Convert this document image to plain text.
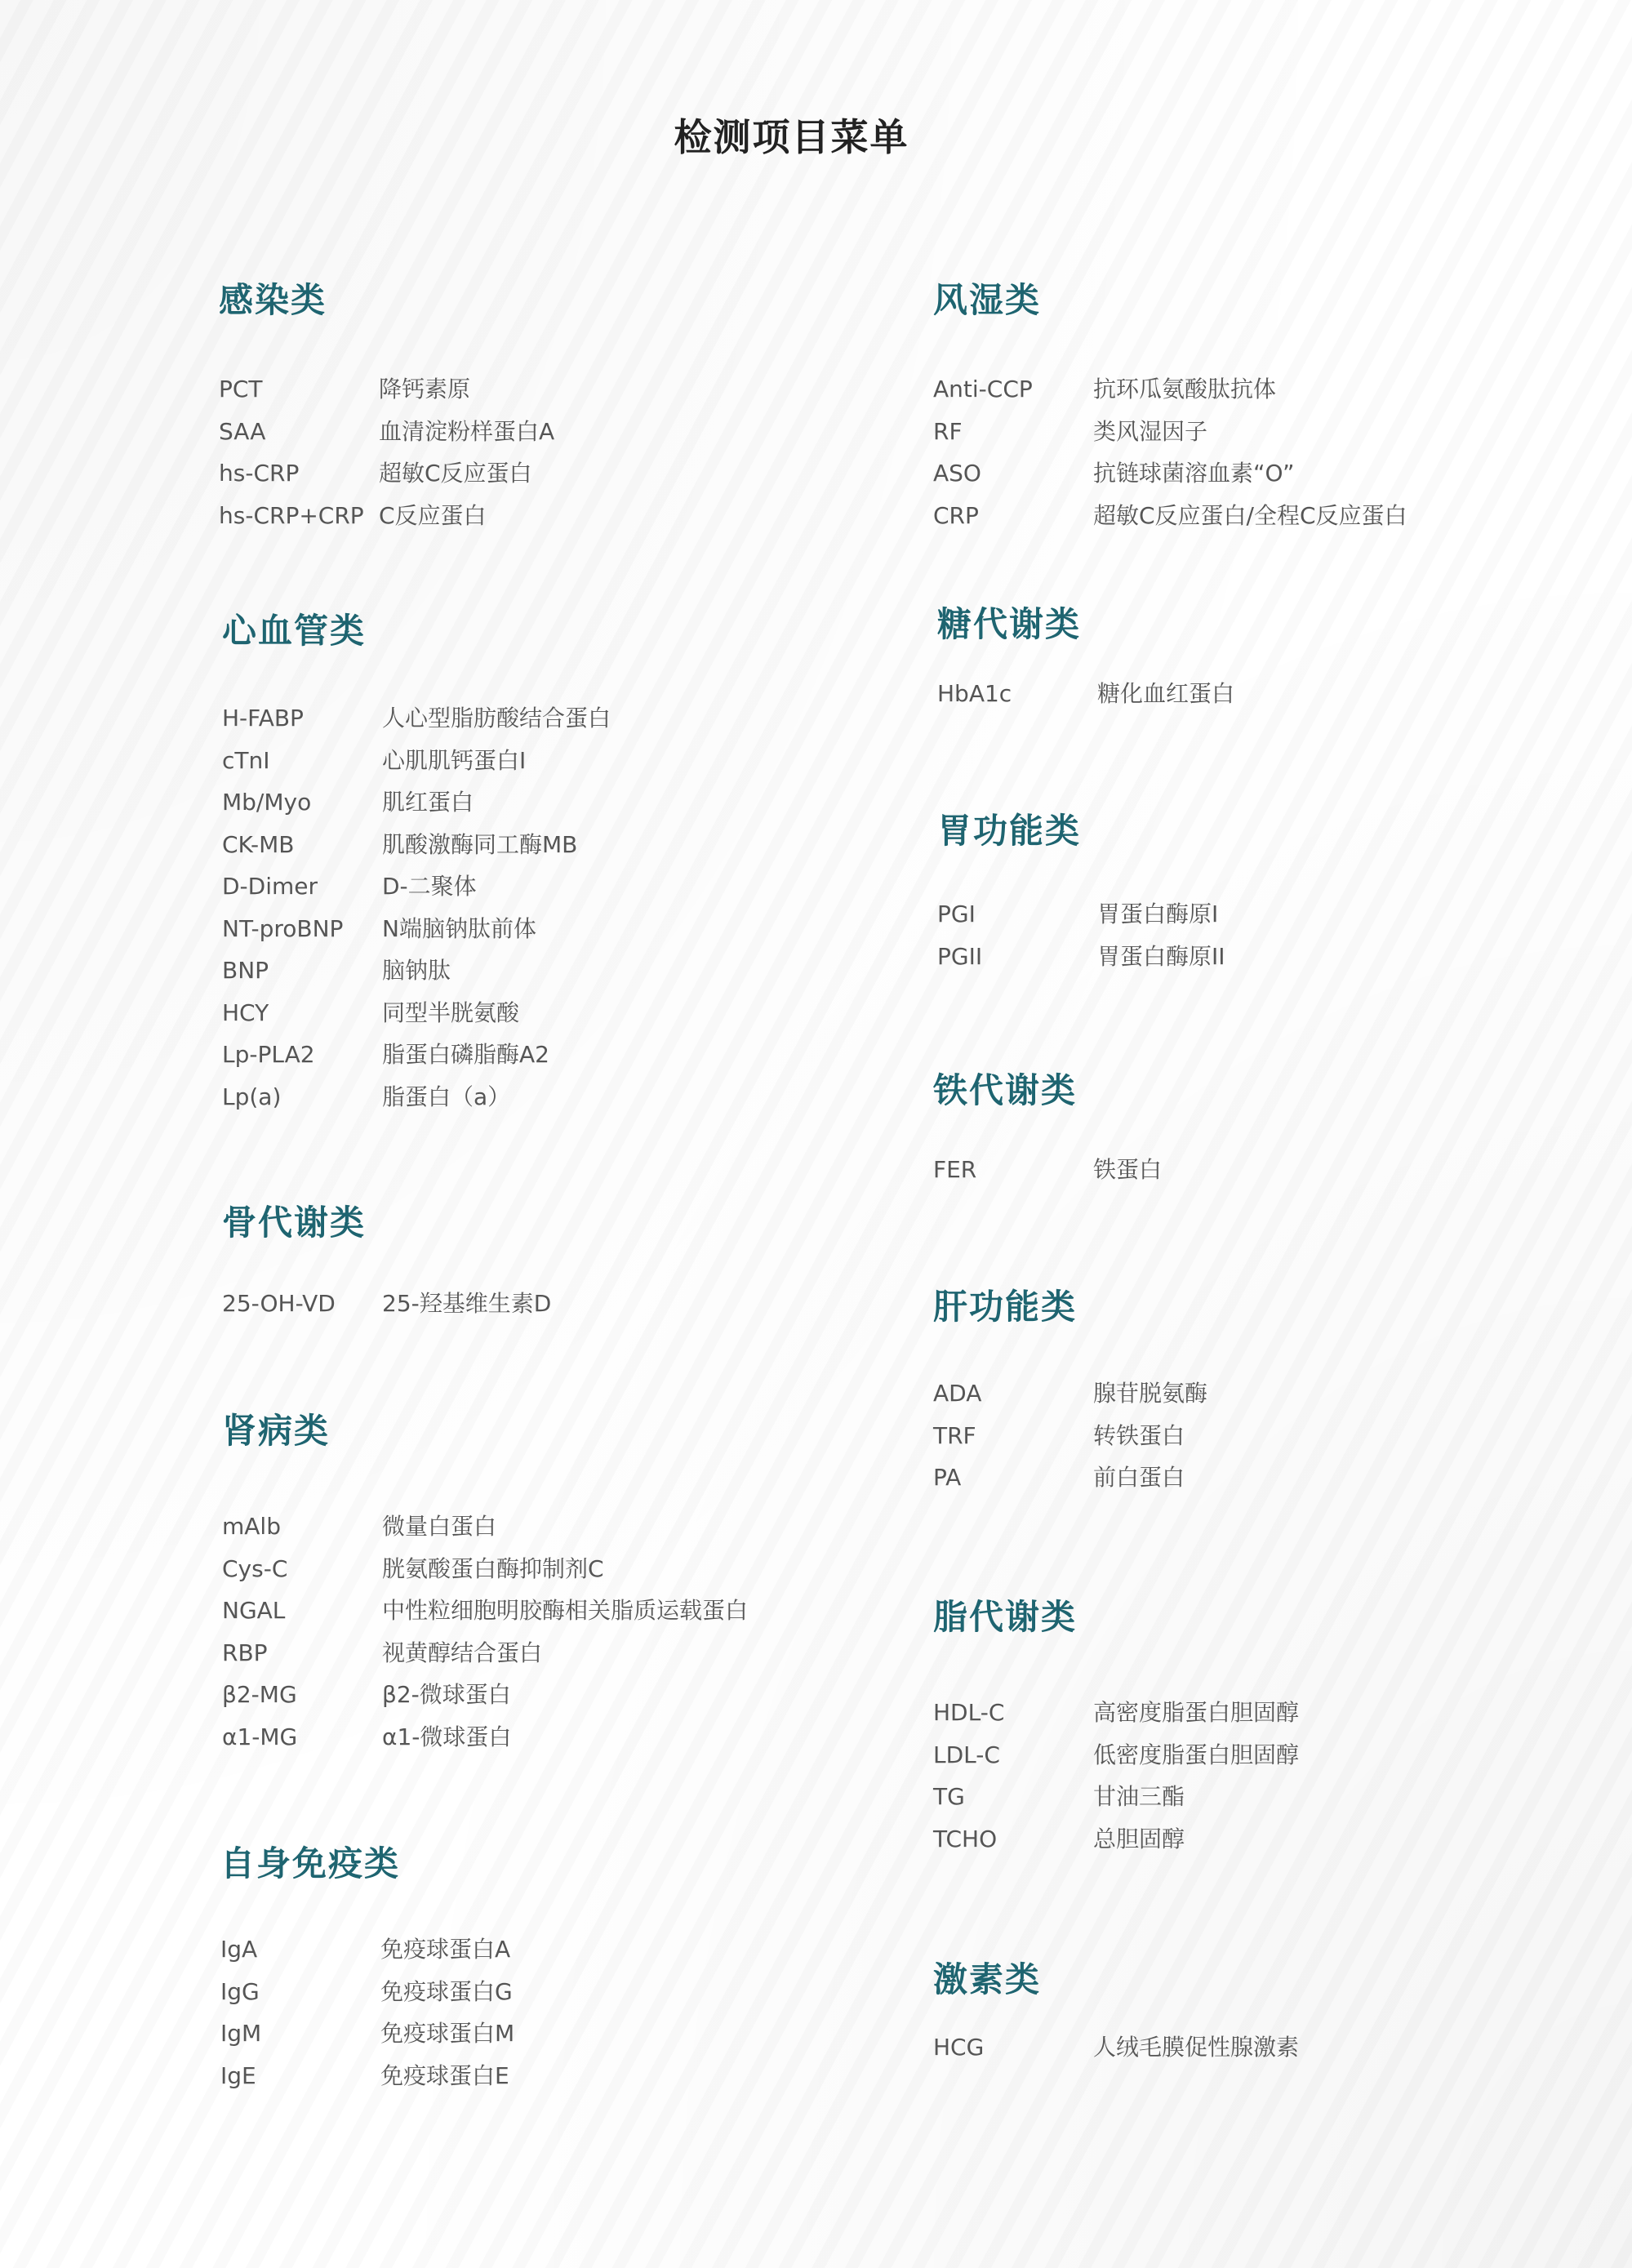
检测项目菜单
感染类
PCT	降钙素原
SAA	血清淀粉样蛋白A
hs-CRP	超敏C反应蛋白
hs-CRP+CRP C反应蛋白
心血管类
H-FABP	人心型脂肪酸结合蛋白
cTnI	心肌肌钙蛋白I
Mb/Myo	肌红蛋白
CK-MB	肌酸激酶同工酶MB
D-Dimer	D-二聚体
NT-proBNP N端脑钠肽前体
BNP	脑钠肽
HCY	同型半胱氨酸
Lp-PLA2	脂蛋白磷脂酶A2
Lp(a)	脂蛋白（a）
骨代谢类
25-OH-VD 25-羟基维生素D
肾病类
mAlb	微量白蛋白
Cys-C	胱氨酸蛋白酶抑制剂C
NGAL	中性粒细胞明胶酶相关脂质运载蛋白
RBP	视黄醇结合蛋白
β2-MG	β2-微球蛋白
α1-MG	α1-微球蛋白
自身免疫类
IgA	免疫球蛋白A
IgG	免疫球蛋白G
IgM	免疫球蛋白M
IgE	免疫球蛋白E
风湿类
Anti-CCP	抗环瓜氨酸肽抗体
RF	类风湿因子
ASO	抗链球菌溶血素“O”
CRP	超敏C反应蛋白/全程C反应蛋白
糖代谢类
HbA1c	糖化血红蛋白
胃功能类
PGI	胃蛋白酶原I
PGII	胃蛋白酶原II
铁代谢类
FER	铁蛋白
肝功能类
ADA	腺苷脱氨酶
TRF	转铁蛋白
PA	前白蛋白
脂代谢类
HDL-C	高密度脂蛋白胆固醇
LDL-C	低密度脂蛋白胆固醇
TG	甘油三酯
TCHO	总胆固醇
激素类
HCG	人绒毛膜促性腺激素
